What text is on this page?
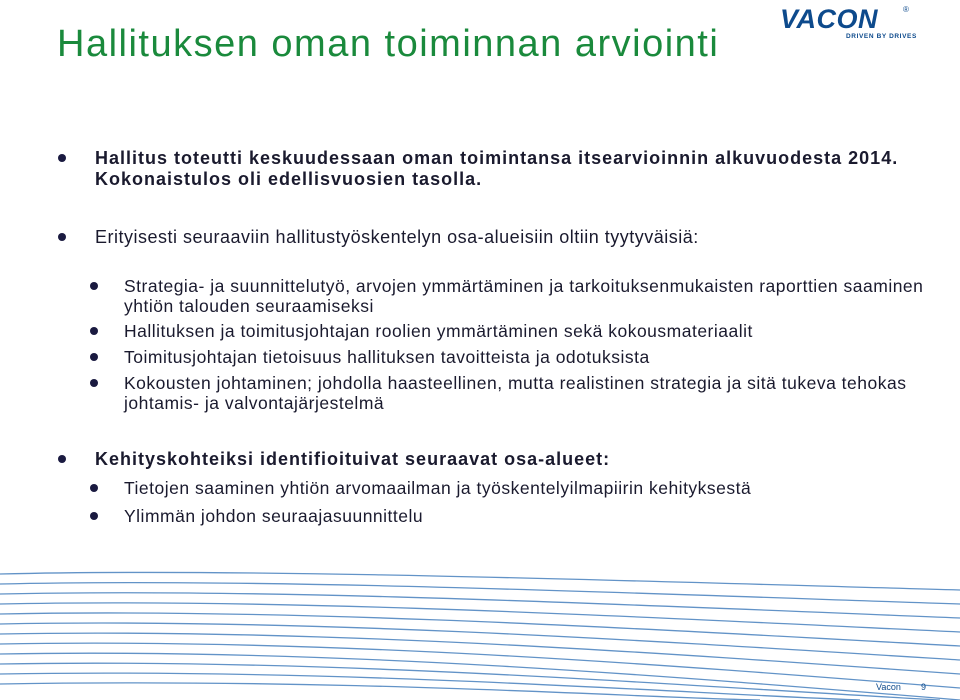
Hallituksen oman toiminnan arviointi
VACON	®
DRIVEN BY DRIVES
Hallitus toteutti keskuudessaan oman toimintansa itsearvioinnin alkuvuodesta 2014. Kokonaistulos oli edellisvuosien tasolla.
Erityisesti seuraaviin hallitustyöskentelyn osa-alueisiin oltiin tyytyväisiä:
Strategia- ja suunnittelutyö, arvojen ymmärtäminen ja tarkoituksenmukaisten raporttien saaminen yhtiön talouden seuraamiseksi
Hallituksen ja toimitusjohtajan roolien ymmärtäminen sekä kokousmateriaalit
Toimitusjohtajan tietoisuus hallituksen tavoitteista ja odotuksista
Kokousten johtaminen; johdolla haasteellinen, mutta realistinen strategia ja sitä tukeva tehokas johtamis- ja valvontajärjestelmä
Kehityskohteiksi identifioituivat seuraavat osa-alueet:
Tietojen saaminen yhtiön arvomaailman ja työskentelyilmapiirin kehityksestä
Ylimmän johdon seuraajasuunnittelu
Vacon 9
